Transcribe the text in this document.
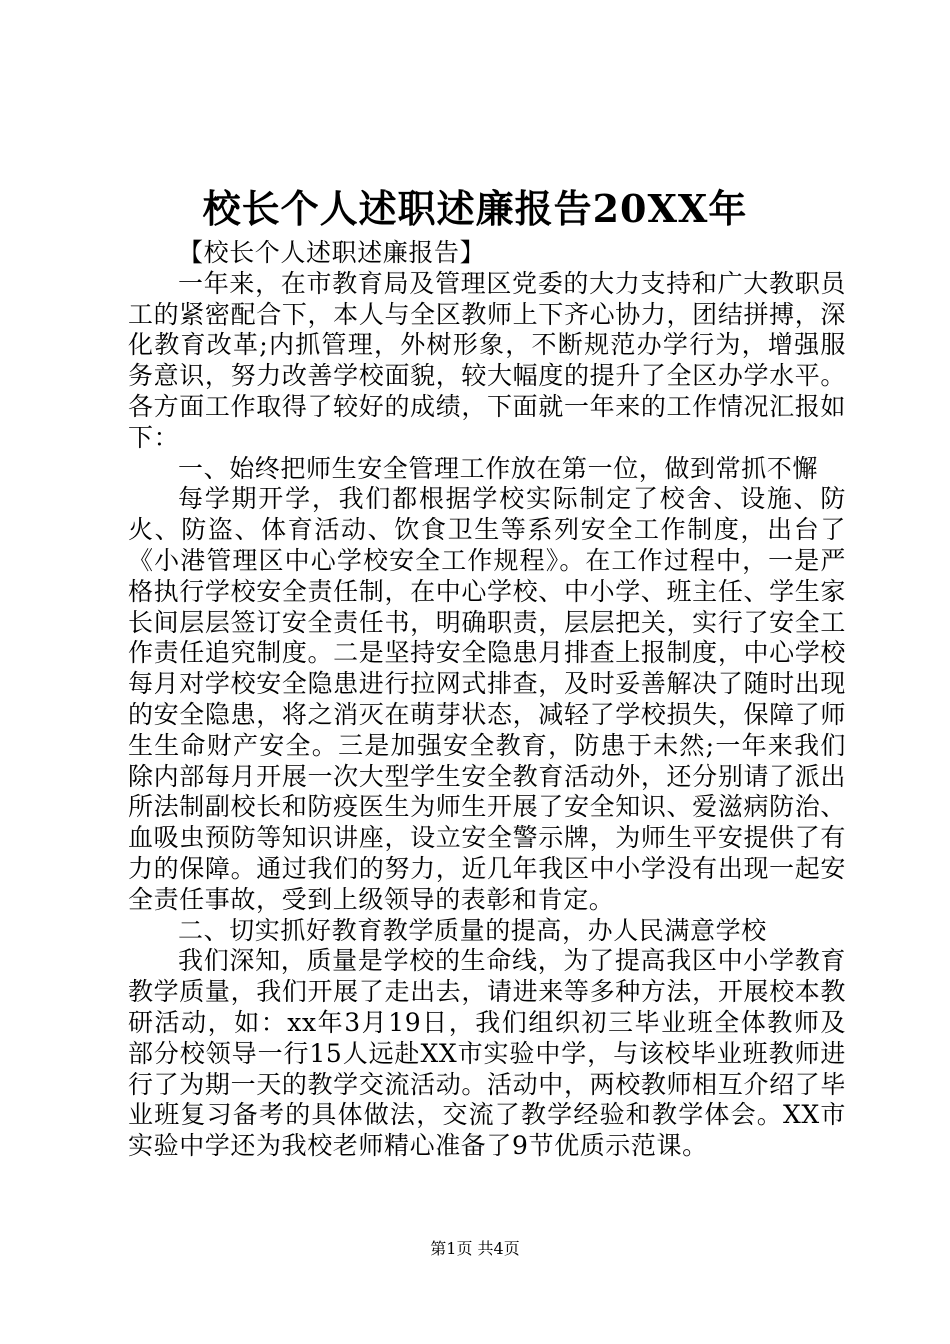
校长个人述职述廉报告20XX年

【校长个人述职述廉报告】

一年来，在市教育局及管理区党委的大力支持和广大教职员工的紧密配合下，本人与全区教师上下齐心协力，团结拼搏，深化教育改革;内抓管理，外树形象，不断规范办学行为，增强服务意识，努力改善学校面貌，较大幅度的提升了全区办学水平。各方面工作取得了较好的成绩，下面就一年来的工作情况汇报如下：

一、始终把师生安全管理工作放在第一位，做到常抓不懈

每学期开学，我们都根据学校实际制定了校舍、设施、防火、防盗、体育活动、饮食卫生等系列安全工作制度，出台了《小港管理区中心学校安全工作规程》。在工作过程中，一是严格执行学校安全责任制，在中心学校、中小学、班主任、学生家长间层层签订安全责任书，明确职责，层层把关，实行了安全工作责任追究制度。二是坚持安全隐患月排查上报制度，中心学校每月对学校安全隐患进行拉网式排查，及时妥善解决了随时出现的安全隐患，将之消灭在萌芽状态，减轻了学校损失，保障了师生生命财产安全。三是加强安全教育，防患于未然;一年来我们除内部每月开展一次大型学生安全教育活动外，还分别请了派出所法制副校长和防疫医生为师生开展了安全知识、爱滋病防治、血吸虫预防等知识讲座，设立安全警示牌，为师生平安提供了有力的保障。通过我们的努力，近几年我区中小学没有出现一起安全责任事故，受到上级领导的表彰和肯定。

二、切实抓好教育教学质量的提高，办人民满意学校

我们深知，质量是学校的生命线，为了提高我区中小学教育教学质量，我们开展了走出去，请进来等多种方法，开展校本教研活动，如：xx年3月19日，我们组织初三毕业班全体教师及部分校领导一行15人远赴XX市实验中学，与该校毕业班教师进行了为期一天的教学交流活动。活动中，两校教师相互介绍了毕业班复习备考的具体做法，交流了教学经验和教学体会。XX市实验中学还为我校老师精心准备了9节优质示范课。

第1页 共4页
